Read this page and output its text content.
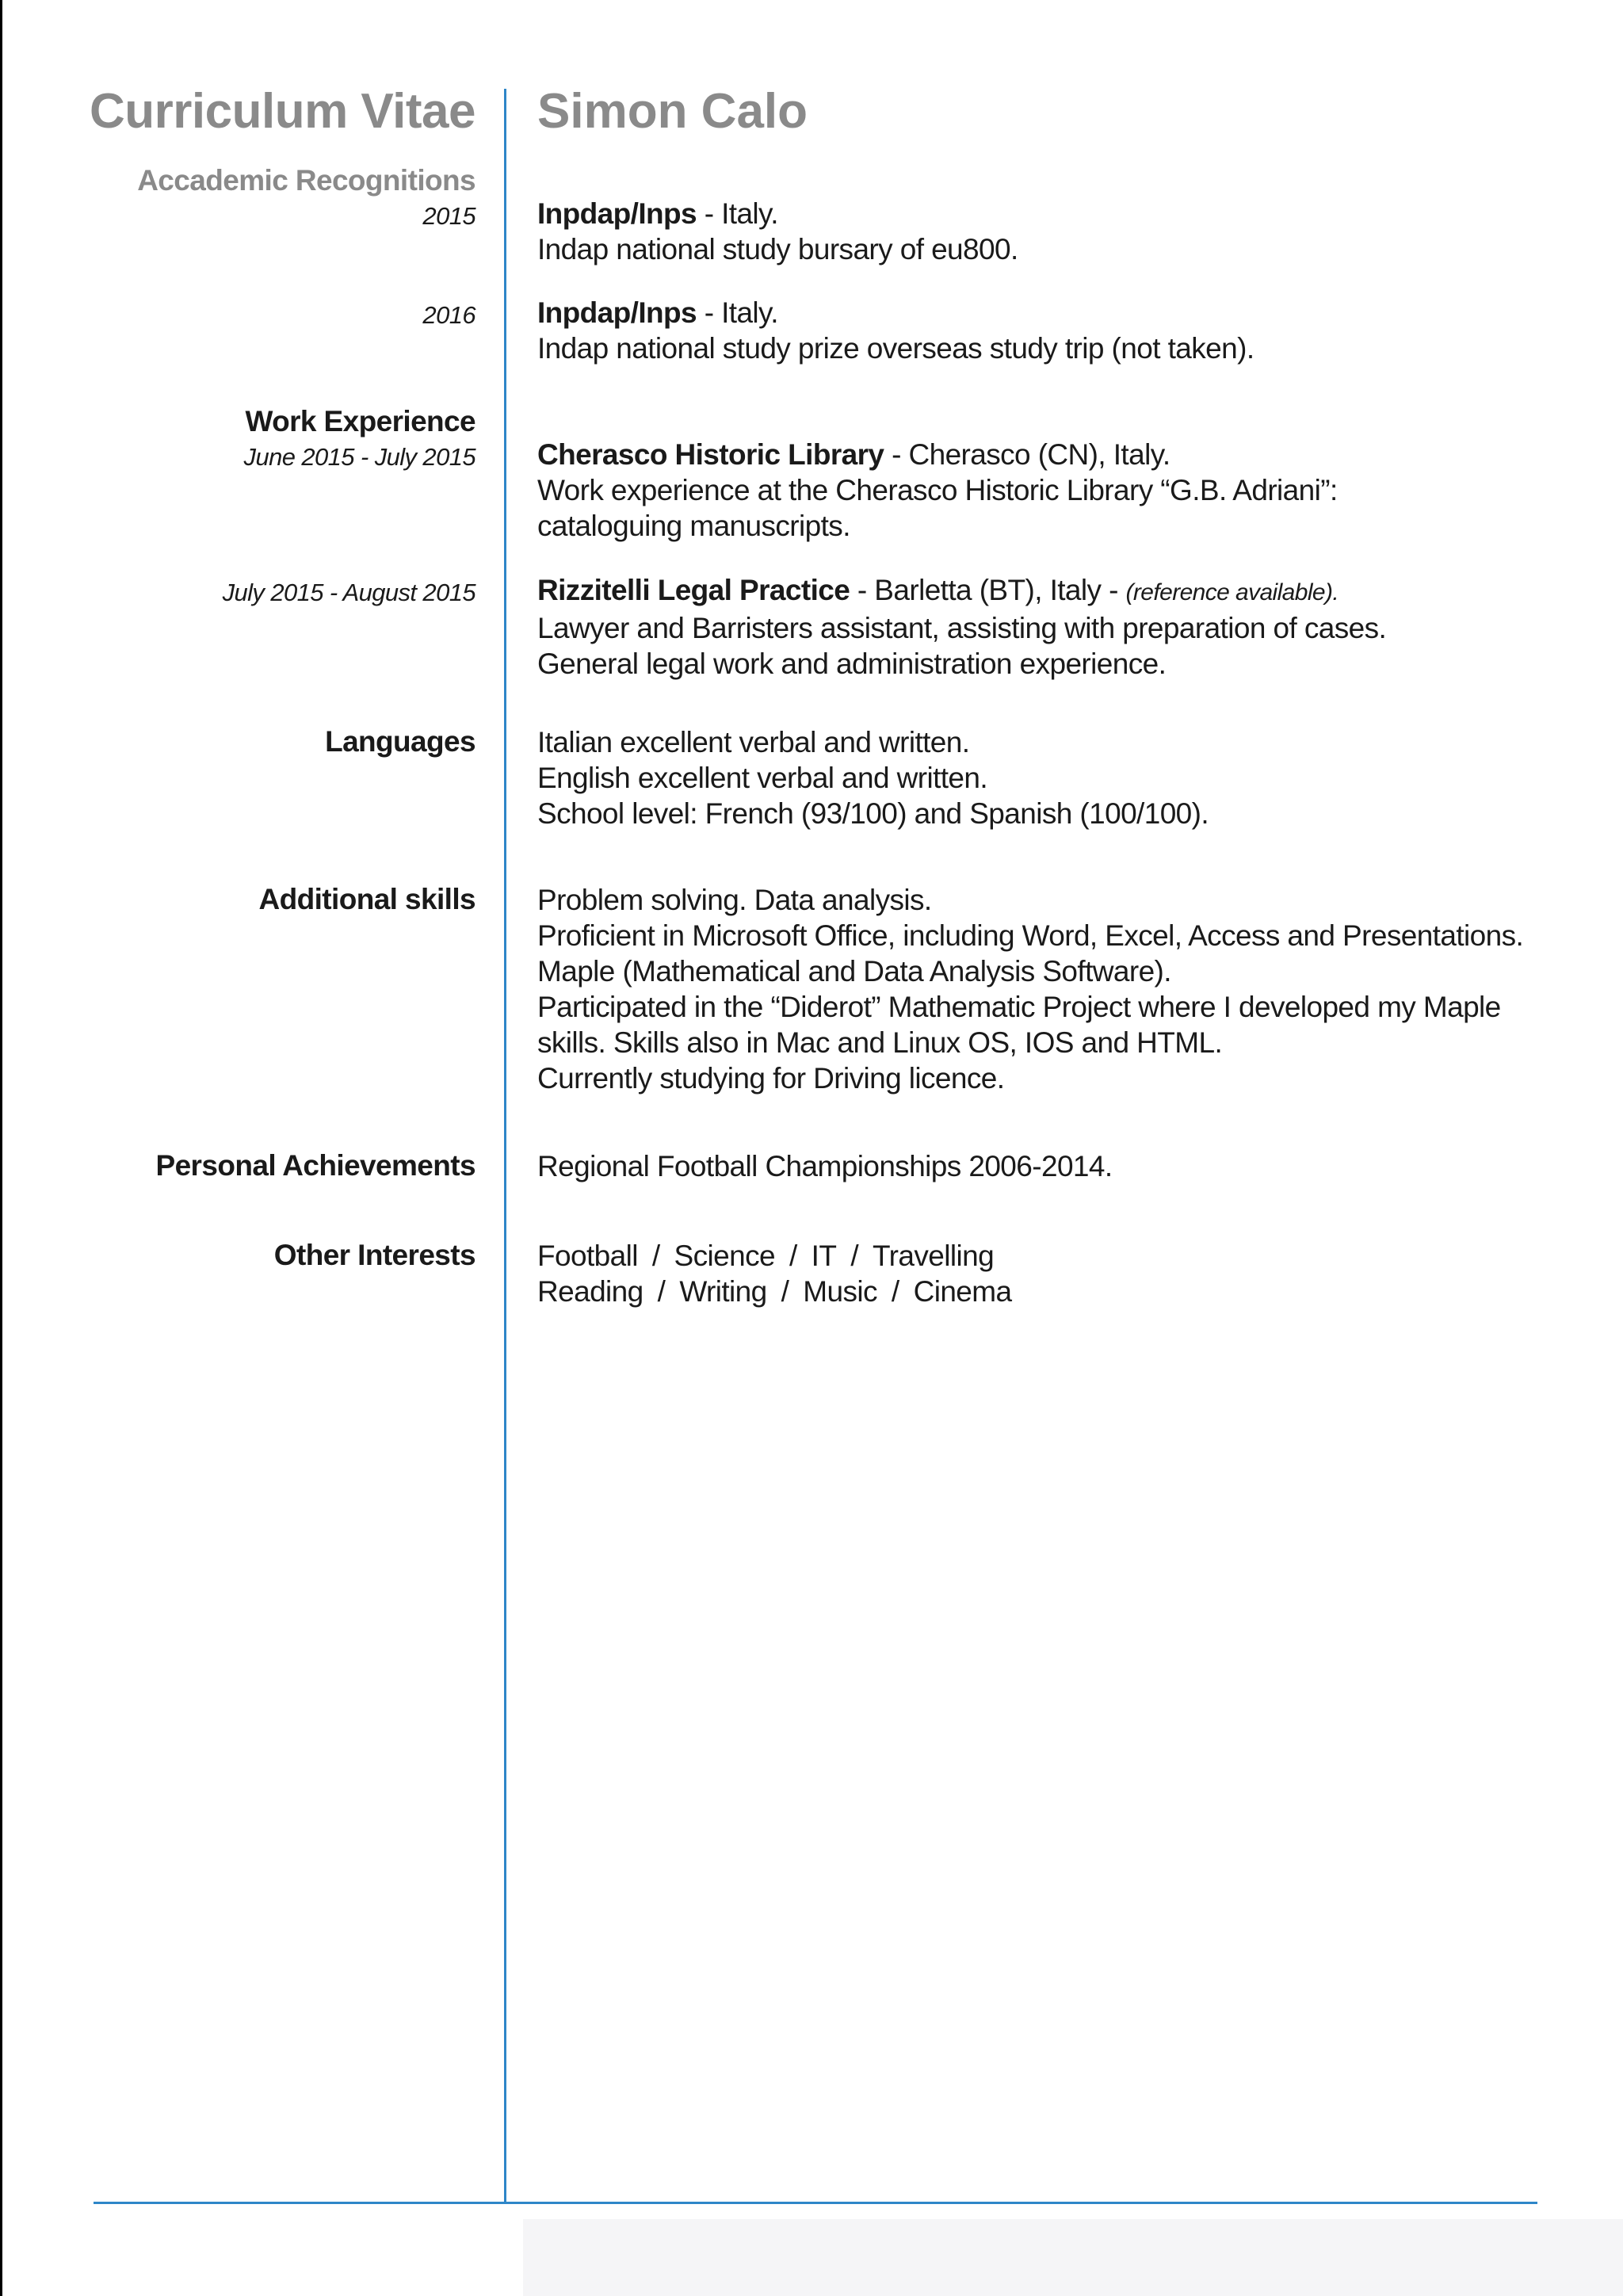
Curriculum Vitae Simon Calo
Accademic Recognitions
2015 Inpdap/Inps - Italy.
Indap national study bursary of eu800.
2016 Inpdap/Inps - Italy.
Indap national study prize overseas study trip (not taken).
Work Experience
June 2015 - July 2015 Cherasco Historic Library - Cherasco (CN), Italy.
Work experience at the Cherasco Historic Library “G.B. Adriani”:
cataloguing manuscripts.
July 2015 - August 2015 Rizzitelli Legal Practice - Barletta (BT), Italy - (reference available).
Lawyer and Barristers assistant, assisting with preparation of cases.
General legal work and administration experience.
Languages Italian excellent verbal and written.
English excellent verbal and written.
School level: French (93/100) and Spanish (100/100).
Additional skills Problem solving. Data analysis.
Proficient in Microsoft Office, including Word, Excel, Access and Presentations.
Maple (Mathematical and Data Analysis Software).
Participated in the “Diderot” Mathematic Project where I developed my Maple skills. Skills also in Mac and Linux OS, IOS and HTML.
Currently studying for Driving licence.
Personal Achievements Regional Football Championships 2006-2014.
Other Interests Football / Science / IT / Travelling
Reading / Writing / Music / Cinema
